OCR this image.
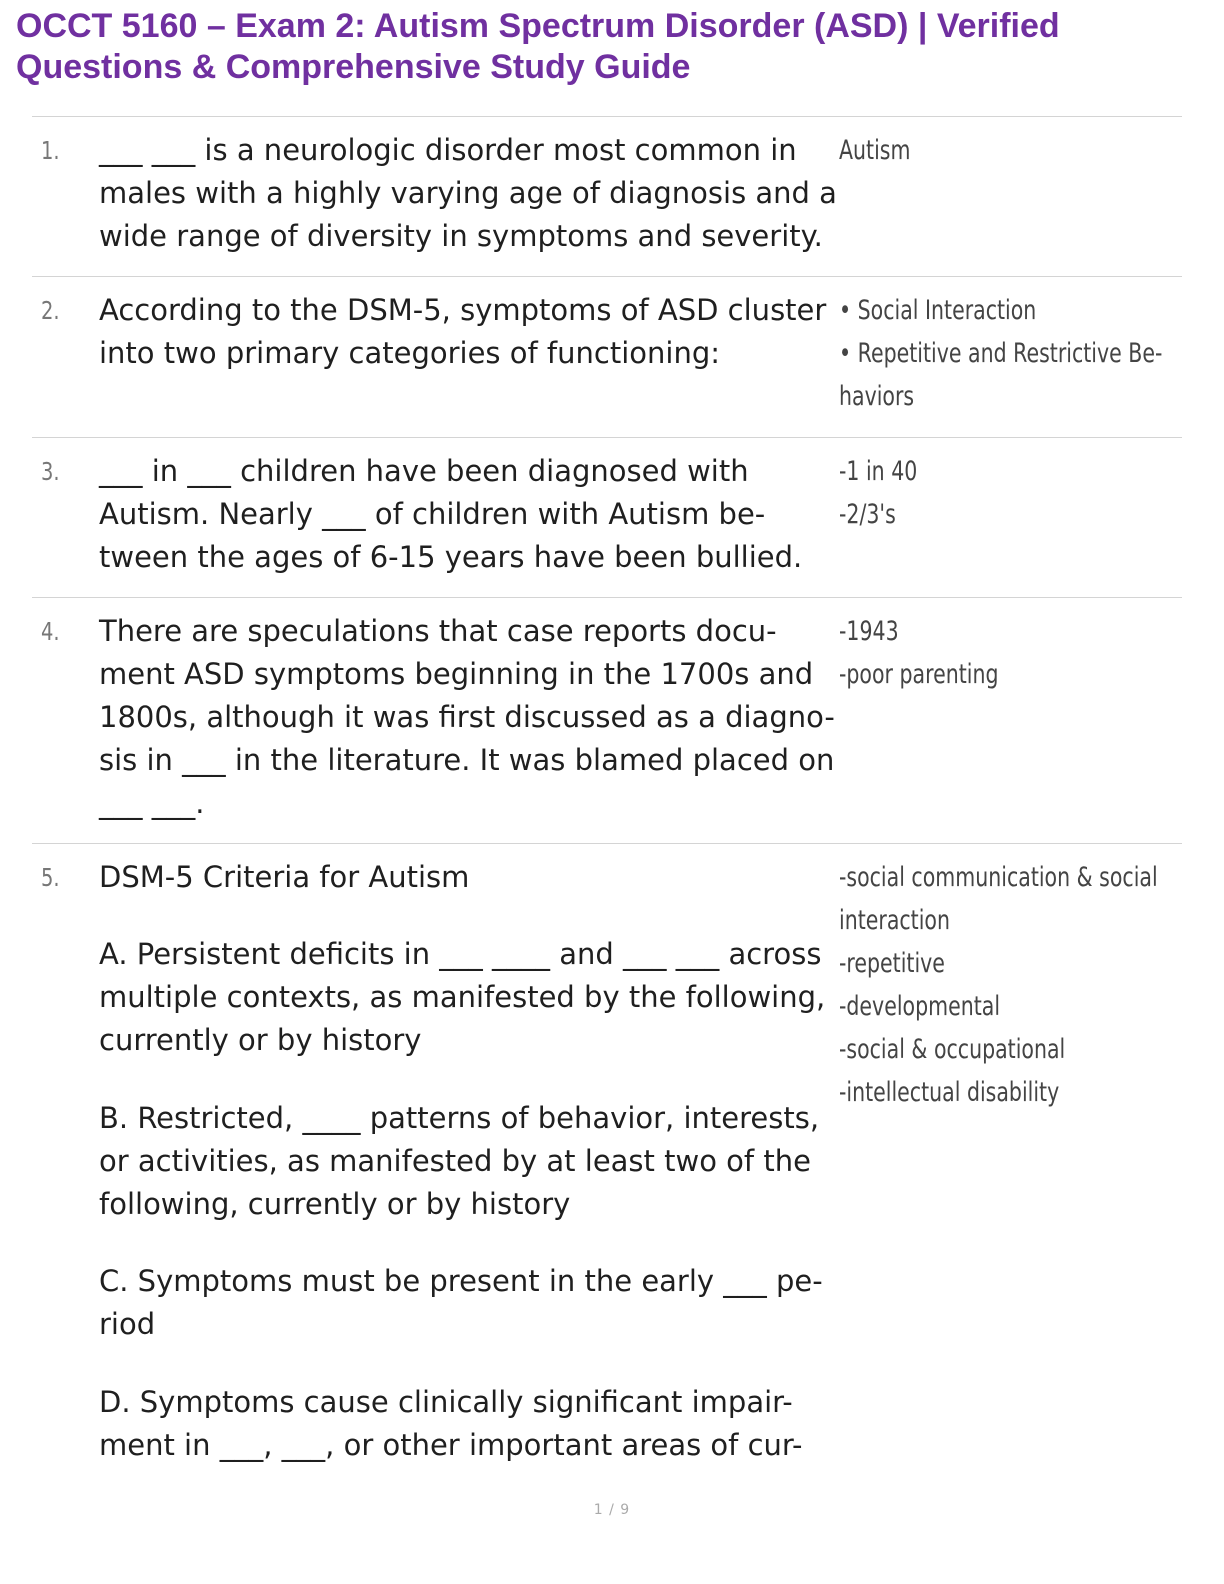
OCCT 5160 – Exam 2: Autism Spectrum Disorder (ASD) | Verified
Questions & Comprehensive Study Guide
1. ___ ___ is a neurologic disorder most common in
males with a highly varying age of diagnosis and a
wide range of diversity in symptoms and severity.
Autism
2. According to the DSM-5, symptoms of ASD cluster
into two primary categories of functioning:
• Social Interaction
• Repetitive and Restrictive Be-
haviors
3. ___ in ___ children have been diagnosed with
Autism. Nearly ___ of children with Autism be-
tween the ages of 6-15 years have been bullied.
-1 in 40
-2/3's
4. There are speculations that case reports docu-
ment ASD symptoms beginning in the 1700s and
1800s, although it was first discussed as a diagno-
sis in ___ in the literature. It was blamed placed on
___ ___.
-1943
-poor parenting
5. DSM-5 Criteria for Autism
A. Persistent deficits in ___ ____ and ___ ___ across
multiple contexts, as manifested by the following,
currently or by history
B. Restricted, ____ patterns of behavior, interests,
or activities, as manifested by at least two of the
following, currently or by history
C. Symptoms must be present in the early ___ pe-
riod
D. Symptoms cause clinically significant impair-
ment in ___, ___, or other important areas of cur-
-social communication & social
interaction
-repetitive
-developmental
-social & occupational
-intellectual disability
1 / 9
